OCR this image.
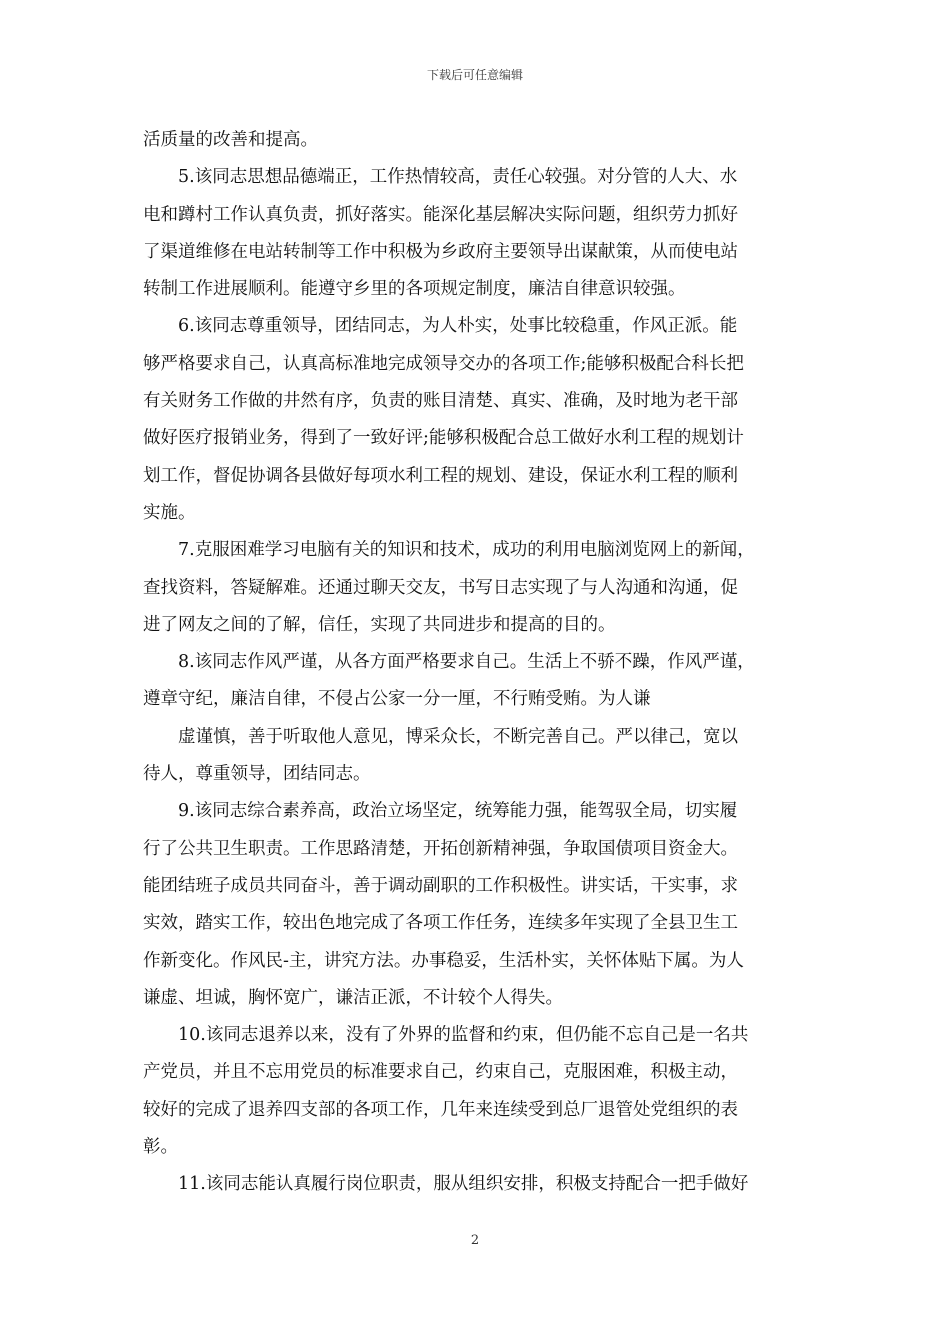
下载后可任意编辑
活质量的改善和提高。
5.该同志思想品德端正，工作热情较高，责任心较强。对分管的人大、水
电和蹲村工作认真负责，抓好落实。能深化基层解决实际问题，组织劳力抓好
了渠道维修在电站转制等工作中积极为乡政府主要领导出谋献策，从而使电站
转制工作进展顺利。能遵守乡里的各项规定制度，廉洁自律意识较强。
6.该同志尊重领导，团结同志，为人朴实，处事比较稳重，作风正派。能
够严格要求自己，认真高标准地完成领导交办的各项工作;能够积极配合科长把
有关财务工作做的井然有序，负责的账目清楚、真实、准确，及时地为老干部
做好医疗报销业务，得到了一致好评;能够积极配合总工做好水利工程的规划计
划工作，督促协调各县做好每项水利工程的规划、建设，保证水利工程的顺利
实施。
7.克服困难学习电脑有关的知识和技术，成功的利用电脑浏览网上的新闻，
查找资料，答疑解难。还通过聊天交友，书写日志实现了与人沟通和沟通，促
进了网友之间的了解，信任，实现了共同进步和提高的目的。
8.该同志作风严谨，从各方面严格要求自己。生活上不骄不躁，作风严谨，
遵章守纪，廉洁自律，不侵占公家一分一厘，不行贿受贿。为人谦
虚谨慎，善于听取他人意见，博采众长，不断完善自己。严以律己，宽以
待人，尊重领导，团结同志。
9.该同志综合素养高，政治立场坚定，统筹能力强，能驾驭全局，切实履
行了公共卫生职责。工作思路清楚，开拓创新精神强，争取国债项目资金大。
能团结班子成员共同奋斗，善于调动副职的工作积极性。讲实话，干实事，求
实效，踏实工作，较出色地完成了各项工作任务，连续多年实现了全县卫生工
作新变化。作风民-主，讲究方法。办事稳妥，生活朴实，关怀体贴下属。为人
谦虚、坦诚，胸怀宽广，谦洁正派，不计较个人得失。
10.该同志退养以来，没有了外界的监督和约束，但仍能不忘自己是一名共
产党员，并且不忘用党员的标准要求自己，约束自己，克服困难，积极主动，
较好的完成了退养四支部的各项工作，几年来连续受到总厂退管处党组织的表
彰。
11.该同志能认真履行岗位职责，服从组织安排，积极支持配合一把手做好
2
